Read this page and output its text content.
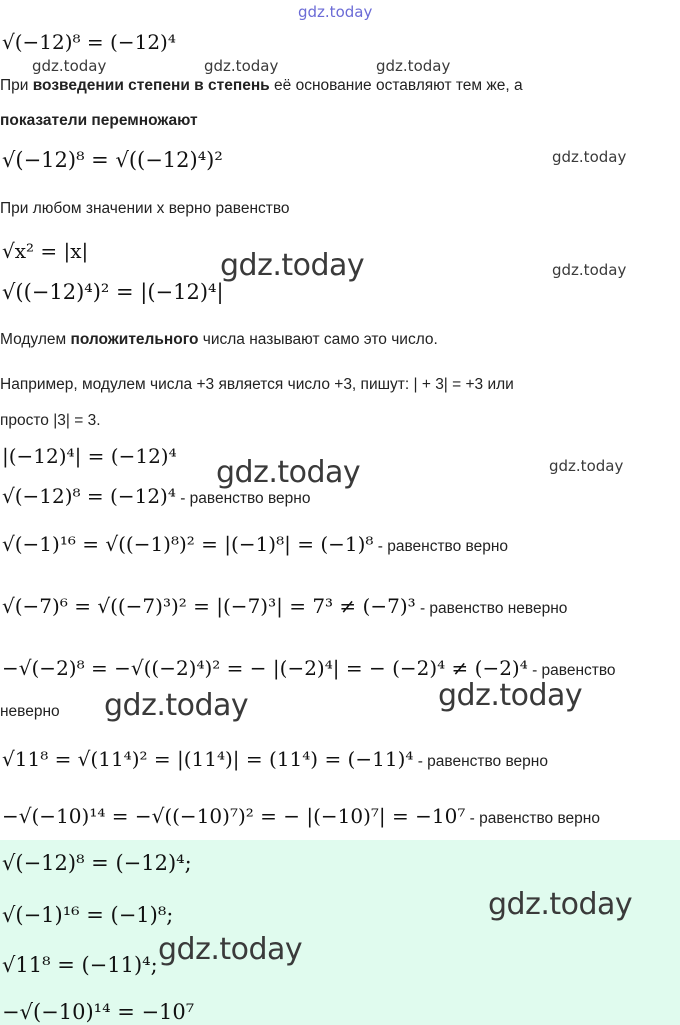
gdz.today
gdz.today	gdz.today	gdz.today
gdz.today
gdz.today	gdz.today
gdz.today
gdz.today
gdz.today
gdz.today
gdz.today
gdz.today
√(−12)⁸ = (−12)⁴
При возведении степени в степень её основание оставляют тем же, а
показатели перемножают
√(−12)⁸ = √((−12)⁴)²
При любом значении x верно равенство
√x² = |x|
√((−12)⁴)² = |(−12)⁴|
Модулем положительного числа называют само это число.
Например, модулем числа +3 является число +3, пишут: | + 3| = +3 или
просто |3| = 3.
|(−12)⁴| = (−12)⁴
√(−12)⁸ = (−12)⁴ - равенство верно
√(−1)¹⁶ = √((−1)⁸)² = |(−1)⁸| = (−1)⁸ - равенство верно
√(−7)⁶ = √((−7)³)² = |(−7)³| = 7³ ≠ (−7)³ - равенство неверно
−√(−2)⁸ = −√((−2)⁴)² = − |(−2)⁴| = − (−2)⁴ ≠ (−2)⁴ - равенство
неверно
√11⁸ = √(11⁴)² = |(11⁴)| = (11⁴) = (−11)⁴ - равенство верно
−√(−10)¹⁴ = −√((−10)⁷)² = − |(−10)⁷| = −10⁷ - равенство верно
√(−12)⁸ = (−12)⁴;
√(−1)¹⁶ = (−1)⁸;
√11⁸ = (−11)⁴;
−√(−10)¹⁴ = −10⁷
